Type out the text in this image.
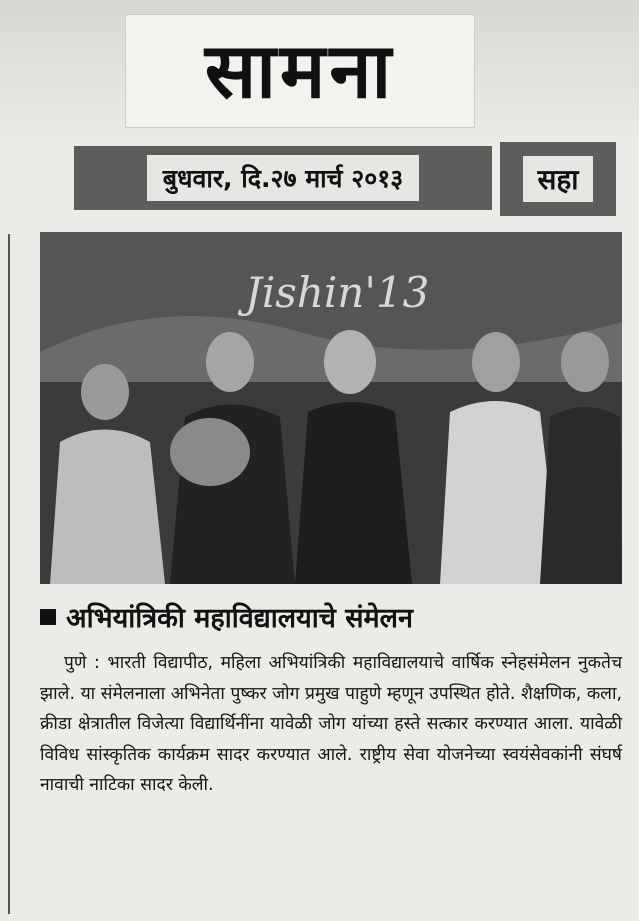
सामना
बुधवार, दि.२७ मार्च २०१३	सहा
Jishin'13
अभियांत्रिकी महाविद्यालयाचे संमेलन
पुणे : भारती विद्यापीठ, महिला अभियांत्रिकी महाविद्यालयाचे वार्षिक स्नेहसंमेलन नुकतेच झाले. या संमेलनाला अभिनेता पुष्कर जोग प्रमुख पाहुणे म्हणून उपस्थित होते. शैक्षणिक, कला, क्रीडा क्षेत्रातील विजेत्या विद्यार्थिनींना यावेळी जोग यांच्या हस्ते सत्कार करण्यात आला. यावेळी विविध सांस्कृतिक कार्यक्रम सादर करण्यात आले. राष्ट्रीय सेवा योजनेच्या स्वयंसेवकांनी संघर्ष नावाची नाटिका सादर केली.
